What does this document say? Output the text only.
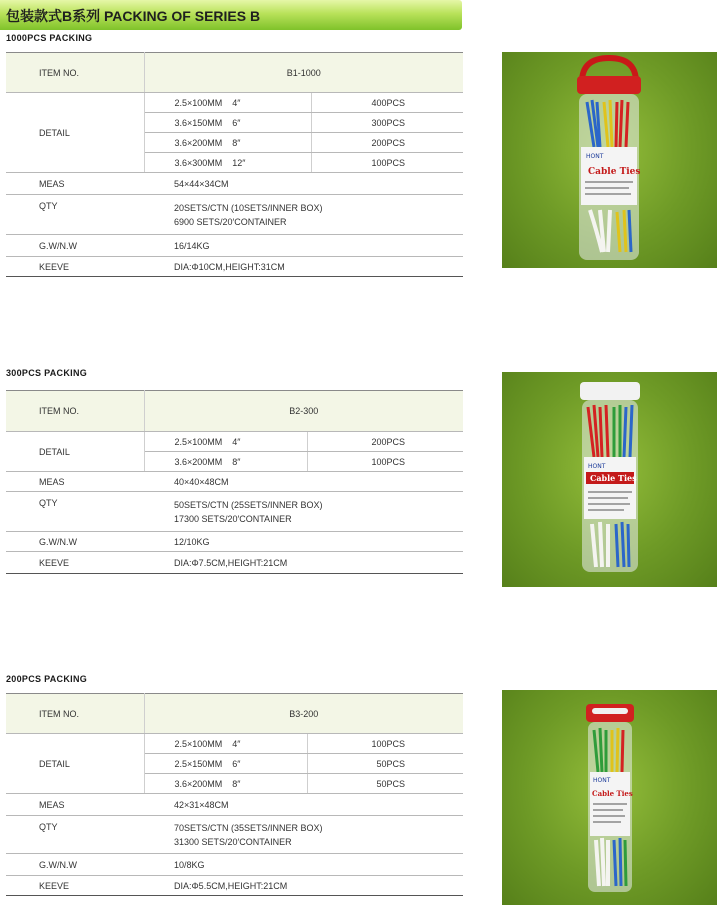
包装款式B系列 PACKING OF SERIES B
1000PCS PACKING
ITEM NO.	B1-1000	
DETAIL	2.5×100MM    4″	400PCS
	3.6×150MM    6″	300PCS
	3.6×200MM    8″	200PCS
	3.6×300MM    12″	100PCS
MEAS	54×44×34CM	
QTY	20SETS/CTN (10SETS/INNER BOX)
6900 SETS/20′CONTAINER	

G.W/N.W	16/14KG	
KEEVE	DIA:Φ10CM,HEIGHT:31CM	
HONT
Cable Ties
300PCS PACKING
ITEM NO.	B2-300	
DETAIL	2.5×100MM    4″	200PCS
	3.6×200MM    8″	100PCS
MEAS	40×40×48CM	
QTY	50SETS/CTN (25SETS/INNER BOX)
17300 SETS/20′CONTAINER	

G.W/N.W	12/10KG	
KEEVE	DIA:Φ7.5CM,HEIGHT:21CM	
HONT
Cable Ties
200PCS PACKING
ITEM NO.	B3-200	
DETAIL	2.5×100MM    4″	100PCS
	2.5×150MM    6″	50PCS
	3.6×200MM    8″	50PCS
MEAS	42×31×48CM	
QTY	70SETS/CTN (35SETS/INNER BOX)
31300 SETS/20′CONTAINER	

G.W/N.W	10/8KG	
KEEVE	DIA:Φ5.5CM,HEIGHT:21CM	
HONT
Cable Ties
